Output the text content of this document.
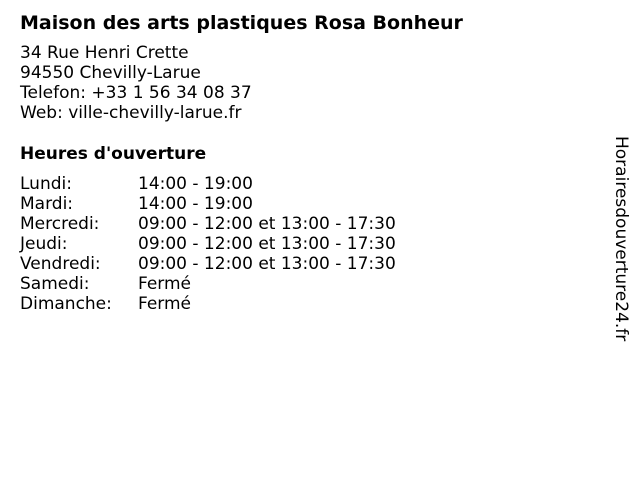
Maison des arts plastiques Rosa Bonheur
34 Rue Henri Crette
94550 Chevilly-Larue
Telefon: +33 1 56 34 08 37
Web: ville-chevilly-larue.fr
Heures d'ouverture
Lundi:	14:00 - 19:00
Mardi:	14:00 - 19:00
Mercredi:	09:00 - 12:00 et 13:00 - 17:30
Jeudi:	09:00 - 12:00 et 13:00 - 17:30
Vendredi:	09:00 - 12:00 et 13:00 - 17:30
Samedi:	Fermé
Dimanche:	Fermé	Horairesdouverture24.fr
